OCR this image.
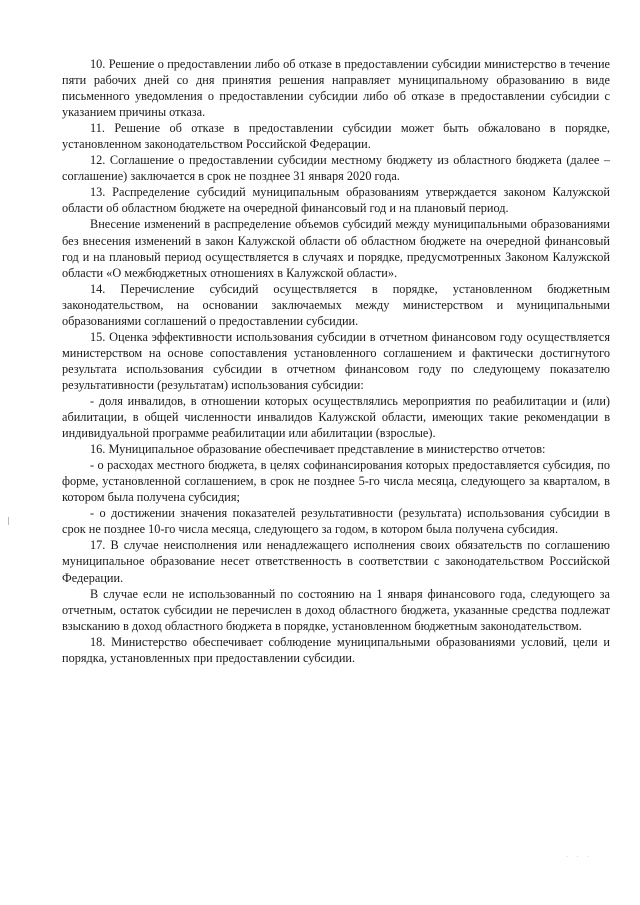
10. Решение о предоставлении либо об отказе в предоставлении субсидии министерство в течение пяти рабочих дней со дня принятия решения направляет муниципальному образованию в виде письменного уведомления о предоставлении субсидии либо об отказе в предоставлении субсидии с указанием причины отказа.

11. Решение об отказе в предоставлении субсидии может быть обжаловано в порядке, установленном законодательством Российской Федерации.

12. Соглашение о предоставлении субсидии местному бюджету из областного бюджета (далее – соглашение) заключается в срок не позднее 31 января 2020 года.

13. Распределение субсидий муниципальным образованиям утверждается законом Калужской области об областном бюджете на очередной финансовый год и на плановый период.

Внесение изменений в распределение объемов субсидий между муниципальными образованиями без внесения изменений в закон Калужской области об областном бюджете на очередной финансовый год и на плановый период осуществляется в случаях и порядке, предусмотренных Законом Калужской области «О межбюджетных отношениях в Калужской области».

14. Перечисление субсидий осуществляется в порядке, установленном бюджетным законодательством, на основании заключаемых между министерством и муниципальными образованиями соглашений о предоставлении субсидии.

15. Оценка эффективности использования субсидии в отчетном финансовом году осуществляется министерством на основе сопоставления установленного соглашением и фактически достигнутого результата использования субсидии в отчетном финансовом году по следующему показателю результативности (результатам) использования субсидии:

- доля инвалидов, в отношении которых осуществлялись мероприятия по реабилитации и (или) абилитации, в общей численности инвалидов Калужской области, имеющих такие рекомендации в индивидуальной программе реабилитации или абилитации (взрослые).

16. Муниципальное образование обеспечивает представление в министерство отчетов:

- о расходах местного бюджета, в целях софинансирования которых предоставляется субсидия, по форме, установленной соглашением, в срок не позднее 5-го числа месяца, следующего за кварталом, в котором была получена субсидия;

- о достижении значения показателей результативности (результата) использования субсидии в срок не позднее 10-го числа месяца, следующего за годом, в котором была получена субсидия.

17. В случае неисполнения или ненадлежащего исполнения своих обязательств по соглашению муниципальное образование несет ответственность в соответствии с законодательством Российской Федерации.

В случае если не использованный по состоянию на 1 января финансового года, следующего за отчетным, остаток субсидии не перечислен в доход областного бюджета, указанные средства подлежат взысканию в доход областного бюджета в порядке, установленном бюджетным законодательством.

18. Министерство обеспечивает соблюдение муниципальными образованиями условий, цели и порядка, установленных при предоставлении субсидии.

· · ·
